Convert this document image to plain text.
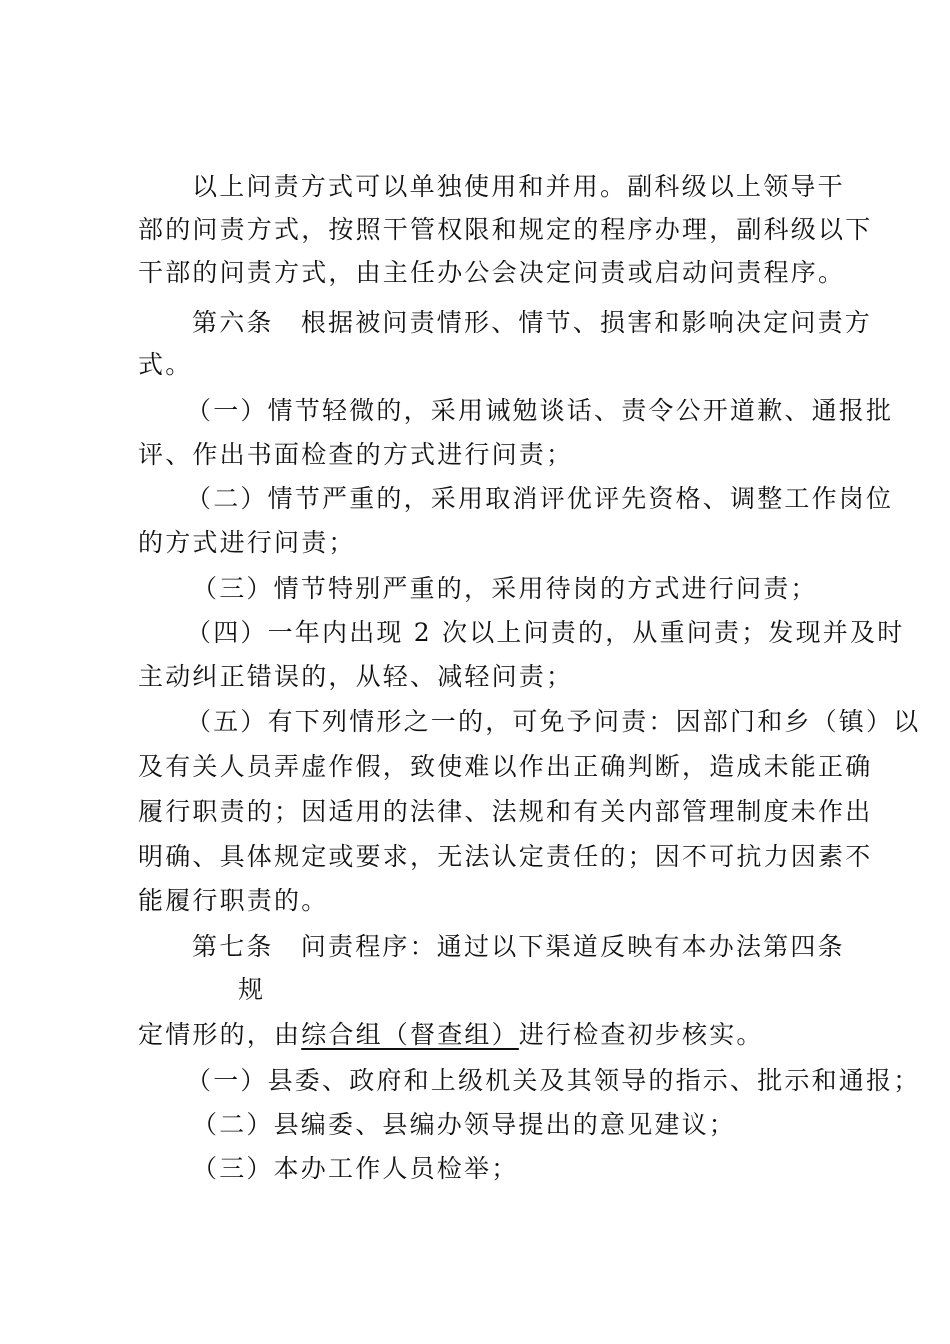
以上问责方式可以单独使用和并用。副科级以上领导干
部的问责方式，按照干管权限和规定的程序办理，副科级以下
干部的问责方式，由主任办公会决定问责或启动问责程序。
第六条　根据被问责情形、情节、损害和影响决定问责方
式。
（一）情节轻微的，采用诫勉谈话、责令公开道歉、通报批
评、作出书面检查的方式进行问责；
（二）情节严重的，采用取消评优评先资格、调整工作岗位
的方式进行问责；
（三）情节特别严重的，采用待岗的方式进行问责；
（四）一年内出现 2 次以上问责的，从重问责；发现并及时
主动纠正错误的，从轻、减轻问责；
（五）有下列情形之一的，可免予问责：因部门和乡（镇）以
及有关人员弄虚作假，致使难以作出正确判断，造成未能正确
履行职责的；因适用的法律、法规和有关内部管理制度未作出
明确、具体规定或要求，无法认定责任的；因不可抗力因素不
能履行职责的。
第七条　问责程序：通过以下渠道反映有本办法第四条
规
定情形的，由综合组（督查组）进行检查初步核实。
（一）县委、政府和上级机关及其领导的指示、批示和通报；
（二）县编委、县编办领导提出的意见建议；
（三）本办工作人员检举；
